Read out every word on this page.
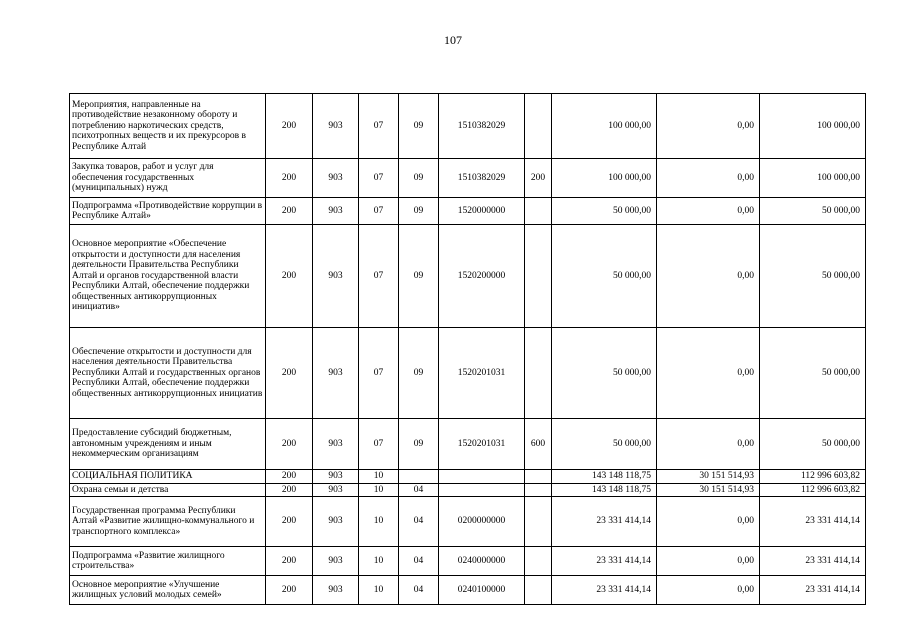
107
Мероприятия, направленные на противодействие незаконному обороту и потреблению наркотических средств, психотропных веществ и их прекурсоров в Республике Алтай	200	903	07	09	1510382029		100 000,00	0,00	100 000,00
Закупка товаров, работ и услуг для обеспечения государственных (муниципальных) нужд	200	903	07	09	1510382029	200	100 000,00	0,00	100 000,00
Подпрограмма «Противодействие коррупции в Республике Алтай»	200	903	07	09	1520000000		50 000,00	0,00	50 000,00
Основное мероприятие «Обеспечение открытости и доступности для населения деятельности Правительства Республики Алтай и органов государственной власти Республики Алтай, обеспечение поддержки общественных антикоррупционных инициатив»	200	903	07	09	1520200000		50 000,00	0,00	50 000,00
Обеспечение открытости и доступности для населения деятельности Правительства Республики Алтай и государственных органов Республики Алтай, обеспечение поддержки общественных антикоррупционных инициатив	200	903	07	09	1520201031		50 000,00	0,00	50 000,00
Предоставление субсидий бюджетным, автономным учреждениям и иным некоммерческим организациям	200	903	07	09	1520201031	600	50 000,00	0,00	50 000,00
СОЦИАЛЬНАЯ ПОЛИТИКА	200	903	10				143 148 118,75	30 151 514,93	112 996 603,82
Охрана семьи и детства	200	903	10	04			143 148 118,75	30 151 514,93	112 996 603,82
Государственная программа Республики Алтай «Развитие жилищно-коммунального и транспортного комплекса»	200	903	10	04	0200000000		23 331 414,14	0,00	23 331 414,14
Подпрограмма «Развитие жилищного строительства»	200	903	10	04	0240000000		23 331 414,14	0,00	23 331 414,14
Основное мероприятие «Улучшение жилищных условий молодых семей»	200	903	10	04	0240100000		23 331 414,14	0,00	23 331 414,14
